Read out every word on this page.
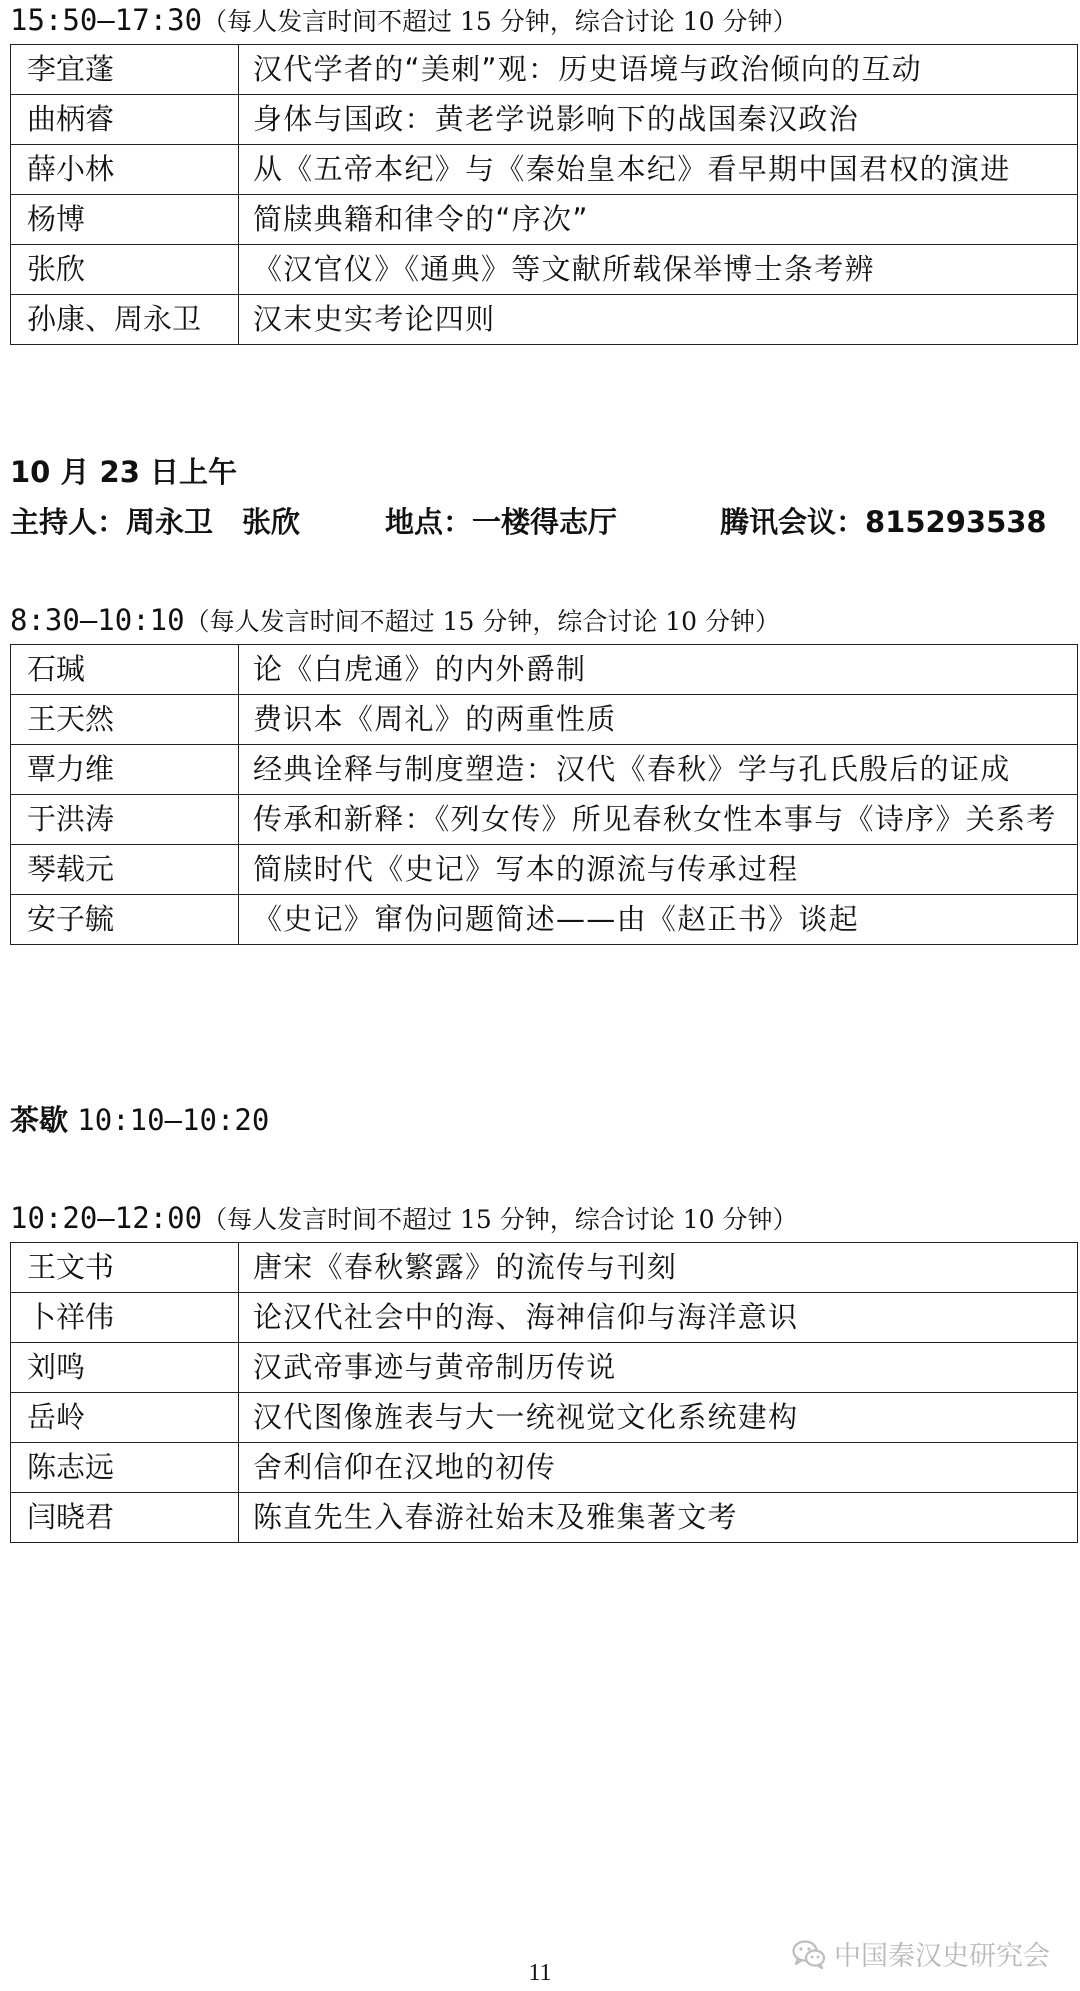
15:50—17:30（每人发言时间不超过 15 分钟，综合讨论 10 分钟）
李宜蓬	汉代学者的“美刺”观：历史语境与政治倾向的互动
曲柄睿	身体与国政：黄老学说影响下的战国秦汉政治
薛小林	从《五帝本纪》与《秦始皇本纪》看早期中国君权的演进
杨博	简牍典籍和律令的“序次”
张欣	《汉官仪》《通典》等文献所载保举博士条考辨
孙康、周永卫	汉末史实考论四则
10 月 23 日上午
主持人：周永卫　张欣	地点：一楼得志厅	腾讯会议：815293538
8:30—10:10（每人发言时间不超过 15 分钟，综合讨论 10 分钟）
石瑊	论《白虎通》的内外爵制
王天然	费识本《周礼》的两重性质
覃力维	经典诠释与制度塑造：汉代《春秋》学与孔氏殷后的证成
于洪涛	传承和新释：《列女传》所见春秋女性本事与《诗序》关系考
琴载元	简牍时代《史记》写本的源流与传承过程
安子毓	《史记》窜伪问题简述——由《赵正书》谈起
茶歇 10:10—10:20
10:20—12:00（每人发言时间不超过 15 分钟，综合讨论 10 分钟）
王文书	唐宋《春秋繁露》的流传与刊刻
卜祥伟	论汉代社会中的海、海神信仰与海洋意识
刘鸣	汉武帝事迹与黄帝制历传说
岳岭	汉代图像旌表与大一统视觉文化系统建构
陈志远	舍利信仰在汉地的初传
闫晓君	陈直先生入春游社始末及雅集著文考
中国秦汉史研究会
11
